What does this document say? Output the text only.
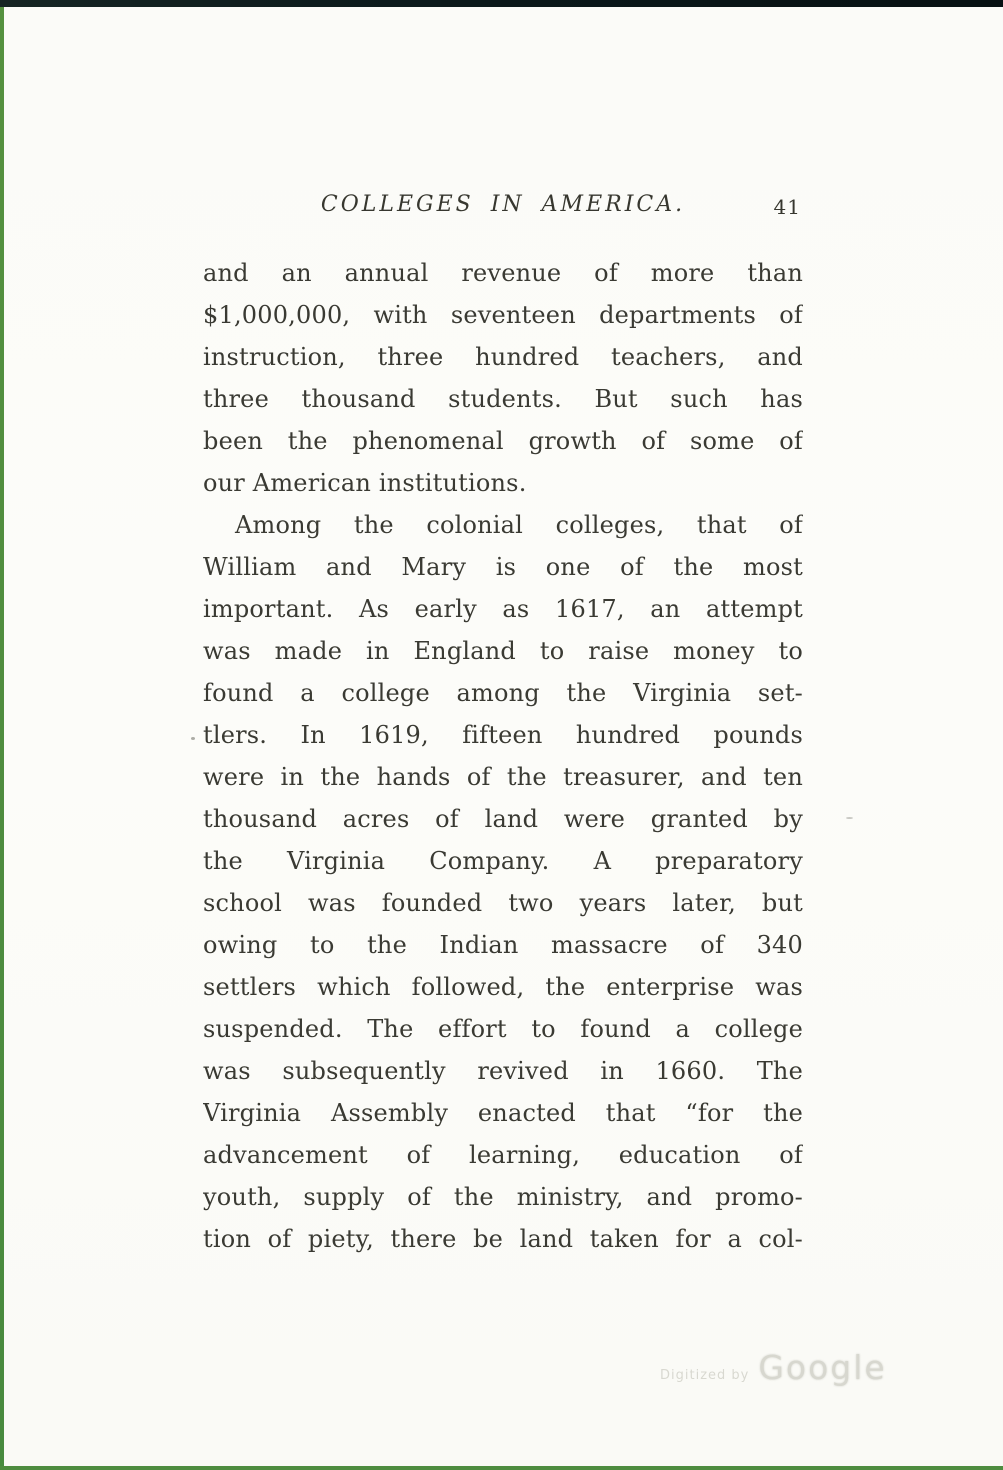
COLLEGES IN AMERICA.	41
and an annual revenue of more than
$1,000,000, with seventeen departments of
instruction, three hundred teachers, and
three thousand students. But such has
been the phenomenal growth of some of
our American institutions.
Among the colonial colleges, that of
William and Mary is one of the most
important. As early as 1617, an attempt
was made in England to raise money to
found a college among the Virginia set-
tlers. In 1619, fifteen hundred pounds
were in the hands of the treasurer, and ten
thousand acres of land were granted by
the Virginia Company. A preparatory
school was founded two years later, but
owing to the Indian massacre of 340
settlers which followed, the enterprise was
suspended. The effort to found a college
was subsequently revived in 1660. The
Virginia Assembly enacted that “for the
advancement of learning, education of
youth, supply of the ministry, and promo-
tion of piety, there be land taken for a col-
Digitized by Google
